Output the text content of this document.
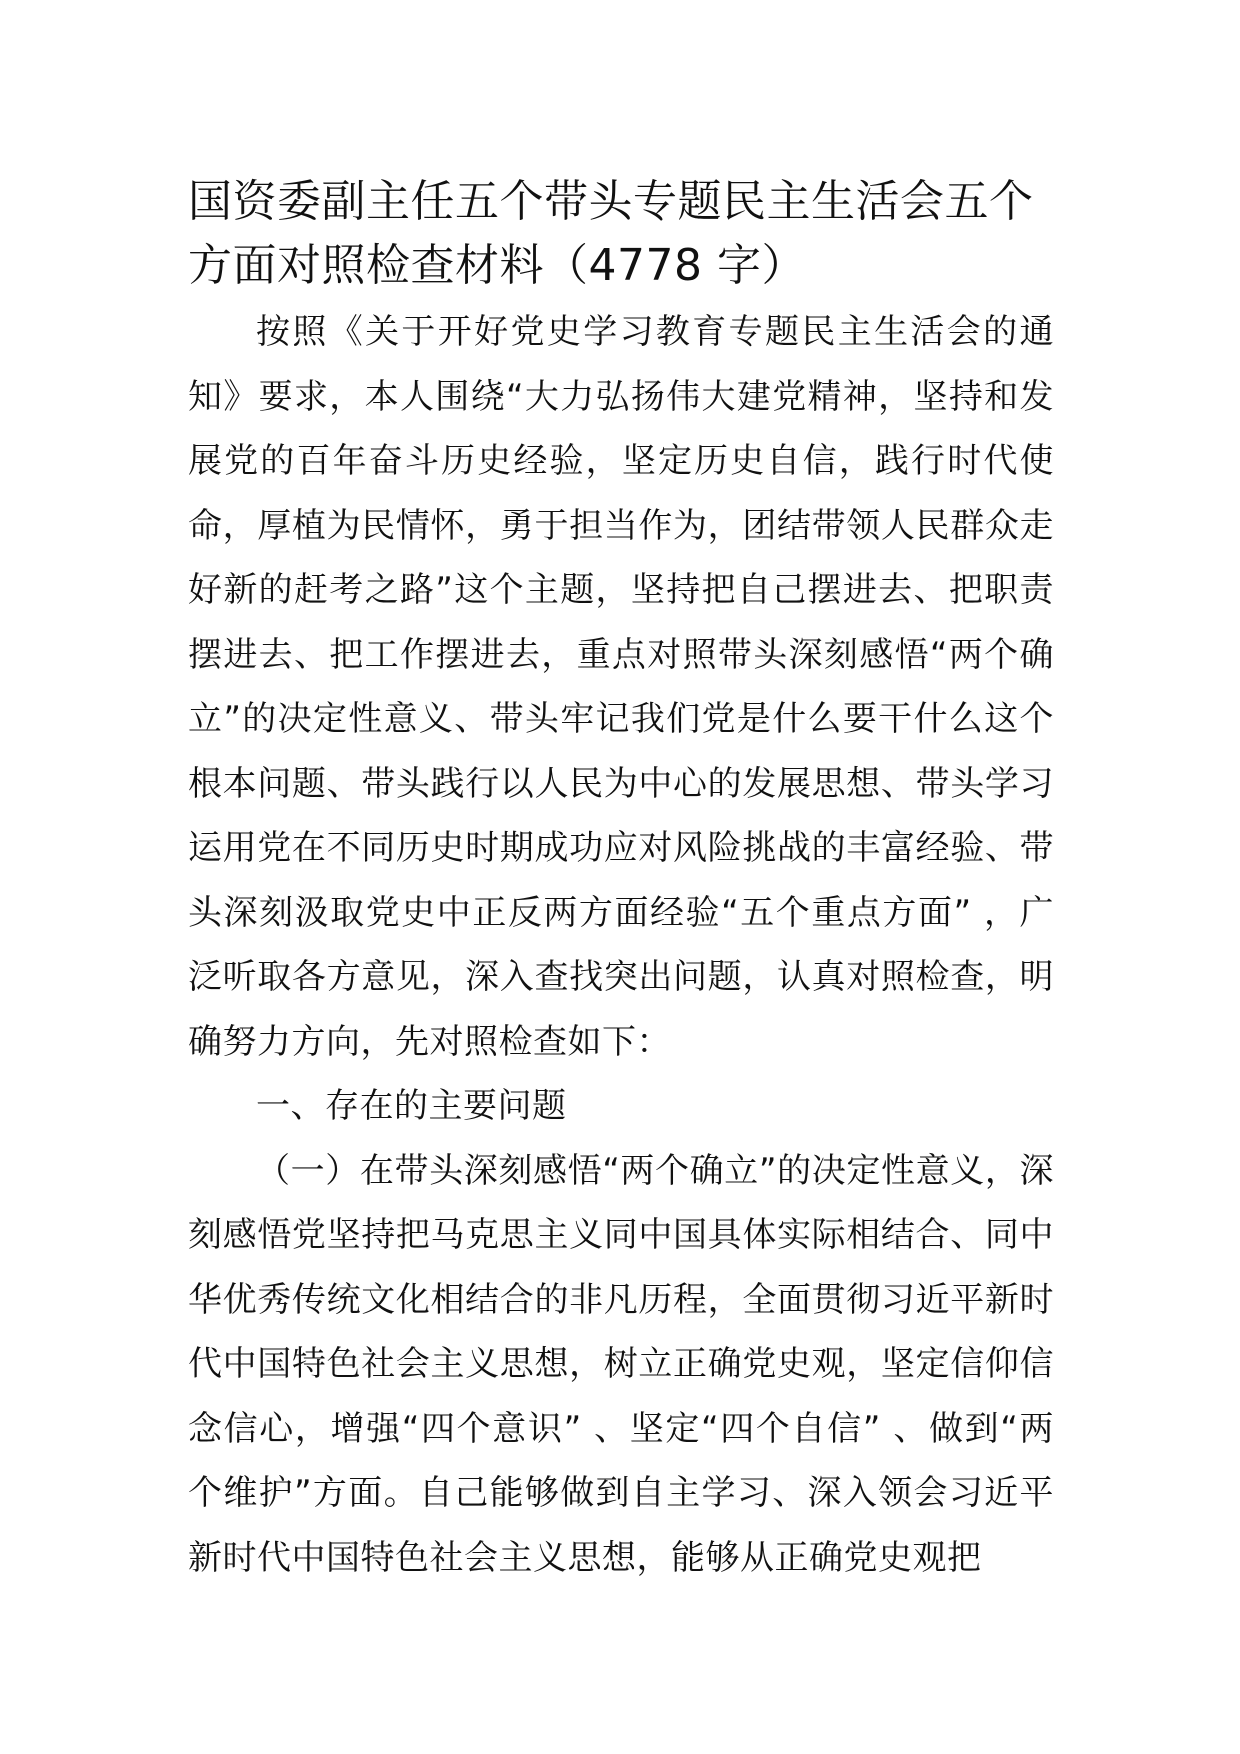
国资委副主任五个带头专题民主生活会五个方面对照检查材料（4778 字）

按照《关于开好党史学习教育专题民主生活会的通知》要求，本人围绕“大力弘扬伟大建党精神，坚持和发展党的百年奋斗历史经验，坚定历史自信，践行时代使命，厚植为民情怀，勇于担当作为，团结带领人民群众走好新的赶考之路”这个主题，坚持把自己摆进去、把职责摆进去、把工作摆进去，重点对照带头深刻感悟“两个确立”的决定性意义、带头牢记我们党是什么要干什么这个根本问题、带头践行以人民为中心的发展思想、带头学习运用党在不同历史时期成功应对风险挑战的丰富经验、带头深刻汲取党史中正反两方面经验“五个重点方面” ，广泛听取各方意见，深入查找突出问题，认真对照检查，明确努力方向，先对照检查如下：

一、存在的主要问题

（一）在带头深刻感悟“两个确立”的决定性意义，深刻感悟党坚持把马克思主义同中国具体实际相结合、同中华优秀传统文化相结合的非凡历程，全面贯彻习近平新时代中国特色社会主义思想，树立正确党史观，坚定信仰信念信心，增强“四个意识” 、坚定“四个自信” 、做到“两个维护”方面。自己能够做到自主学习、深入领会习近平新时代中国特色社会主义思想，能够从正确党史观把
